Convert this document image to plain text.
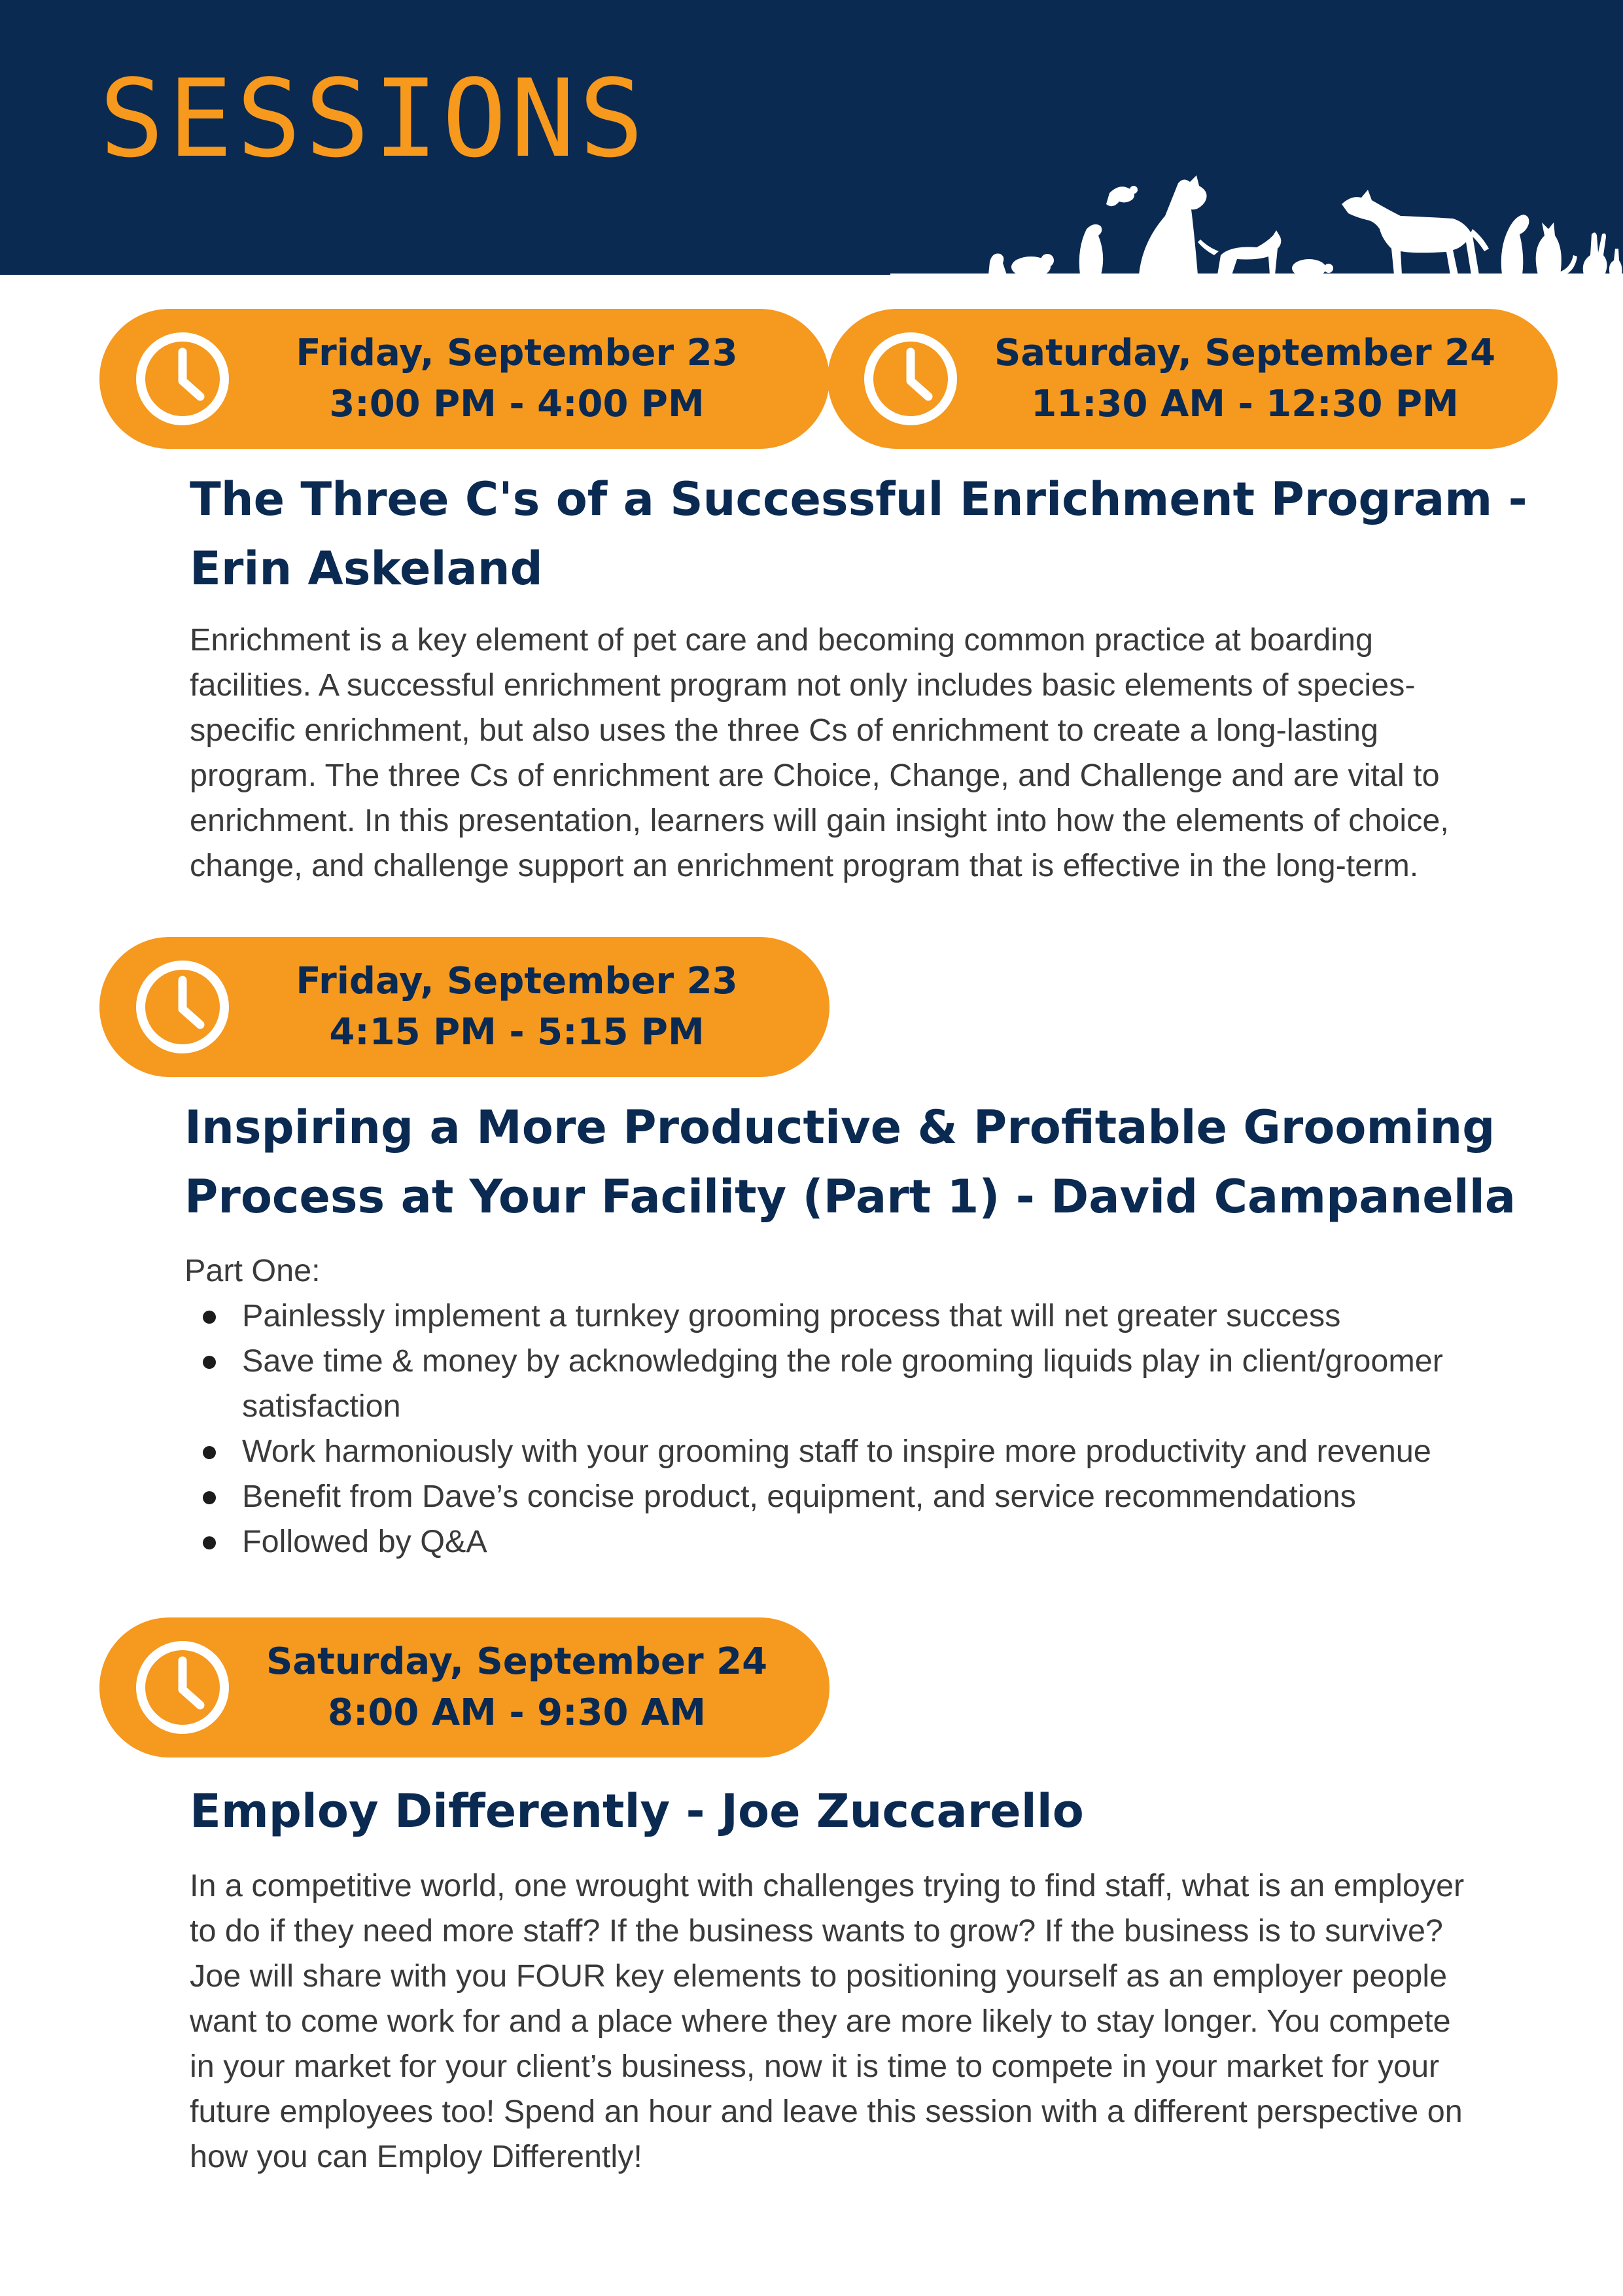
SESSIONS
Friday, September 23
3:00 PM - 4:00 PM
Saturday, September 24
11:30 AM - 12:30 PM
The Three C's of a Successful Enrichment Program -
Erin Askeland
Enrichment is a key element of pet care and becoming common practice at boarding
facilities. A successful enrichment program not only includes basic elements of species-
specific enrichment, but also uses the three Cs of enrichment to create a long-lasting
program. The three Cs of enrichment are Choice, Change, and Challenge and are vital to
enrichment. In this presentation, learners will gain insight into how the elements of choice,
change, and challenge support an enrichment program that is effective in the long-term.
Friday, September 23
4:15 PM - 5:15 PM
Inspiring a More Productive & Profitable Grooming
Process at Your Facility (Part 1) - David Campanella
Part One:
Painlessly implement a turnkey grooming process that will net greater success
Save time & money by acknowledging the role grooming liquids play in client/groomer
satisfaction
Work harmoniously with your grooming staff to inspire more productivity and revenue
Benefit from Dave’s concise product, equipment, and service recommendations
Followed by Q&A
Saturday, September 24
8:00 AM - 9:30 AM
Employ Differently - Joe Zuccarello
In a competitive world, one wrought with challenges trying to find staff, what is an employer
to do if they need more staff? If the business wants to grow? If the business is to survive?
Joe will share with you FOUR key elements to positioning yourself as an employer people
want to come work for and a place where they are more likely to stay longer. You compete
in your market for your client’s business, now it is time to compete in your market for your
future employees too! Spend an hour and leave this session with a different perspective on
how you can Employ Differently!
